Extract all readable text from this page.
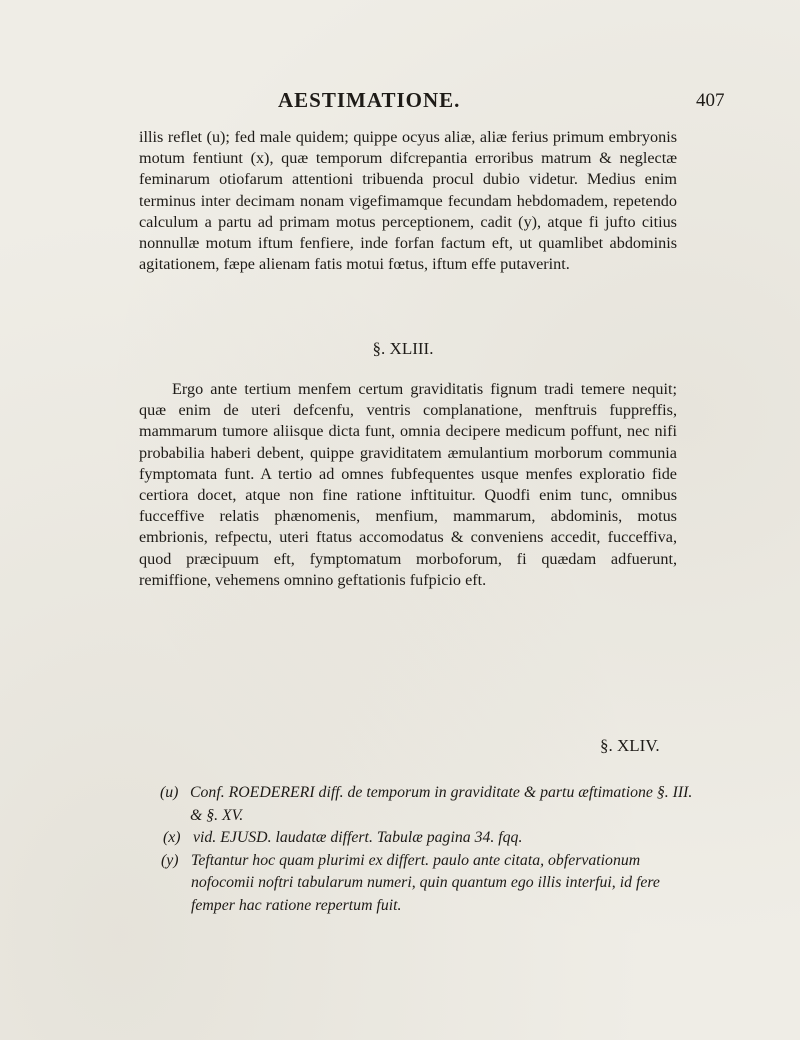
AESTIMATIONE.	407

illis reflet (u); fed male quidem; quippe ocyus aliæ, aliæ ferius primum embryonis motum fentiunt (x), quæ temporum difcrepantia erroribus matrum & neglectæ feminarum otiofarum attentioni tribuenda procul dubio videtur. Medius enim terminus inter decimam nonam vigefimamque fecundam hebdomadem, repetendo calculum a partu ad primam motus perceptionem, cadit (y), atque fi jufto citius nonnullæ motum iftum fenfiere, inde forfan factum eft, ut quamlibet abdominis agitationem, fæpe alienam fatis motui fœtus, iftum effe putaverint.

§. XLIII.

Ergo ante tertium menfem certum graviditatis fignum tradi temere nequit; quæ enim de uteri defcenfu, ventris complanatione, menftruis fuppreffis, mammarum tumore aliisque dicta funt, omnia decipere medicum poffunt, nec nifi probabilia haberi debent, quippe graviditatem æmulantium morborum communia fymptomata funt. A tertio ad omnes fubfequentes usque menfes exploratio fide certiora docet, atque non fine ratione inftituitur. Quodfi enim tunc, omnibus fucceffive relatis phænomenis, menfium, mammarum, abdominis, motus embrionis, refpectu, uteri ftatus accomodatus & conveniens accedit, fucceffiva, quod præcipuum eft, fymptomatum morboforum, fi quædam adfuerunt, remiffione, vehemens omnino geftationis fufpicio eft.

§. XLIV.
(u) Conf. ROEDERERI diff. de temporum in graviditate & partu æftimatione §. III. & §. XV.
(x) vid. EJUSD. laudatæ differt. Tabulæ pagina 34. fqq.
(y) Teftantur hoc quam plurimi ex differt. paulo ante citata, obfervationum nofocomii noftri tabularum numeri, quin quantum ego illis interfui, id fere femper hac ratione repertum fuit.
